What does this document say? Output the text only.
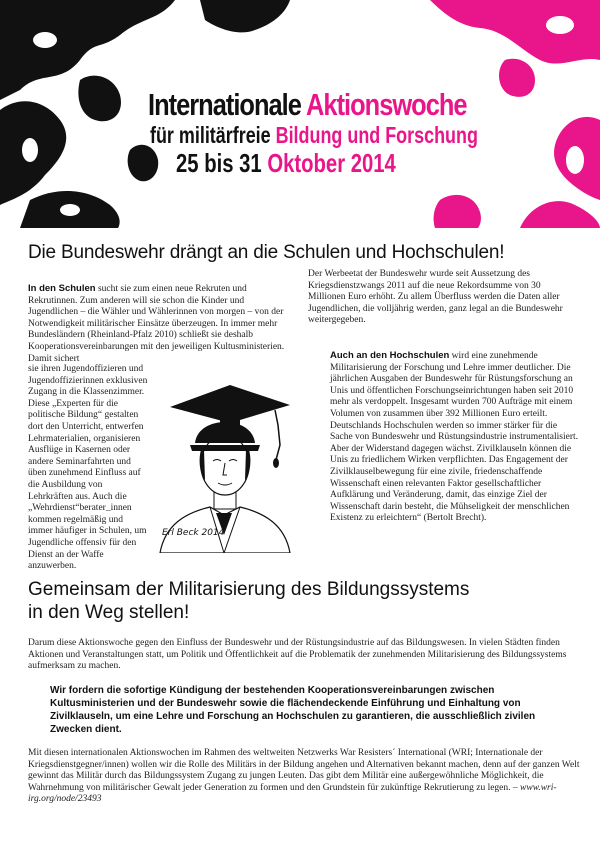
Internationale Aktionswoche
für militärfreie Bildung und Forschung
25 bis 31 Oktober 2014
Die Bundeswehr drängt an die Schulen und Hochschulen!
In den Schulen sucht sie zum einen neue Rekruten und Rekrutinnen. Zum anderen will sie schon die Kinder und Jugendlichen – die Wähler und Wählerinnen von morgen – von der Notwendigkeit militärischer Einsätze überzeugen. In immer mehr Bundesländern (Rheinland-Pfalz 2010) schließt sie deshalb Kooperationsvereinbarungen mit den jeweiligen Kultusministerien. Damit sichert
sie ihren Jugendoffizieren und Jugendoffizierinnen exklusiven Zugang in die Klassenzimmer. Diese „Experten für die politische Bildung“ gestalten dort den Unterricht, entwerfen Lehrmaterialien, organisieren Ausflüge in Kasernen oder andere Seminarfahrten und üben zunehmend Einfluss auf die Ausbildung von Lehrkräften aus. Auch die „Wehrdienst“berater_innen kommen regelmäßig und immer häufiger in Schulen, um Jugendliche offensiv für den Dienst an der Waffe anzuwerben.
Der Werbeetat der Bundeswehr wurde seit Aussetzung des Kriegsdienstzwangs 2011 auf die neue Rekordsumme von 30 Millionen Euro erhöht. Zu allem Überfluss werden die Daten aller Jugendlichen, die volljährig werden, ganz legal an die Bundeswehr weitergegeben.
Auch an den Hochschulen wird eine zunehmende Militarisierung der Forschung und Lehre immer deutlicher. Die jährlichen Ausgaben der Bundeswehr für Rüstungsforschung an Unis und öffentlichen Forschungseinrichtungen haben seit 2010 mehr als verdoppelt. Insgesamt wurden 700 Aufträge mit einem Volumen von zusammen über 392 Millionen Euro erteilt. Deutschlands Hochschulen werden so immer stärker für die Sache von Bundeswehr und Rüstungsindustrie instrumentalisiert. Aber der Widerstand dagegen wächst. Zivilklauseln können die Unis zu friedlichem Wirken verpflichten. Das Engagement der Zivilklauselbewegung für eine zivile, friedenschaffende Wissenschaft einen relevanten Faktor gesellschaftlicher Aufklärung und Veränderung, damit, das einzige Ziel der Wissenschaft darin besteht, die Mühseligkeit der menschlichen Existenz zu erleichtern“ (Bertolt Brecht).
Erl Beck 2014
Gemeinsam der Militarisierung des Bildungssystems
in den Weg stellen!
Darum diese Aktionswoche gegen den Einfluss der Bundeswehr und der Rüstungsindustrie auf das Bildungswesen. In vielen Städten finden Aktionen und Veranstaltungen statt, um Politik und Öffentlichkeit auf die Problematik der zunehmenden Militarisierung des Bildungssystems aufmerksam zu machen.
Wir fordern die sofortige Kündigung der bestehenden Kooperationsvereinbarungen zwischen Kultusministerien und der Bundeswehr sowie die flächendeckende Einführung und Einhaltung von Zivilklauseln, um eine Lehre und Forschung an Hochschulen zu garantieren, die ausschließlich zivilen Zwecken dient.
Mit diesen internationalen Aktionswochen im Rahmen des weltweiten Netzwerks War Resisters´ International (WRI; Internationale der Kriegsdienstgegner/innen) wollen wir die Rolle des Militärs in der Bildung angehen und Alternativen bekannt machen, denn auf der ganzen Welt gewinnt das Militär durch das Bildungssystem Zugang zu jungen Leuten. Das gibt dem Militär eine außergewöhnliche Möglichkeit, die Wahrnehmung von militärischer Gewalt jeder Generation zu formen und den Grundstein für zukünftige Rekrutierung zu legen. – www.wri-irg.org/node/23493
